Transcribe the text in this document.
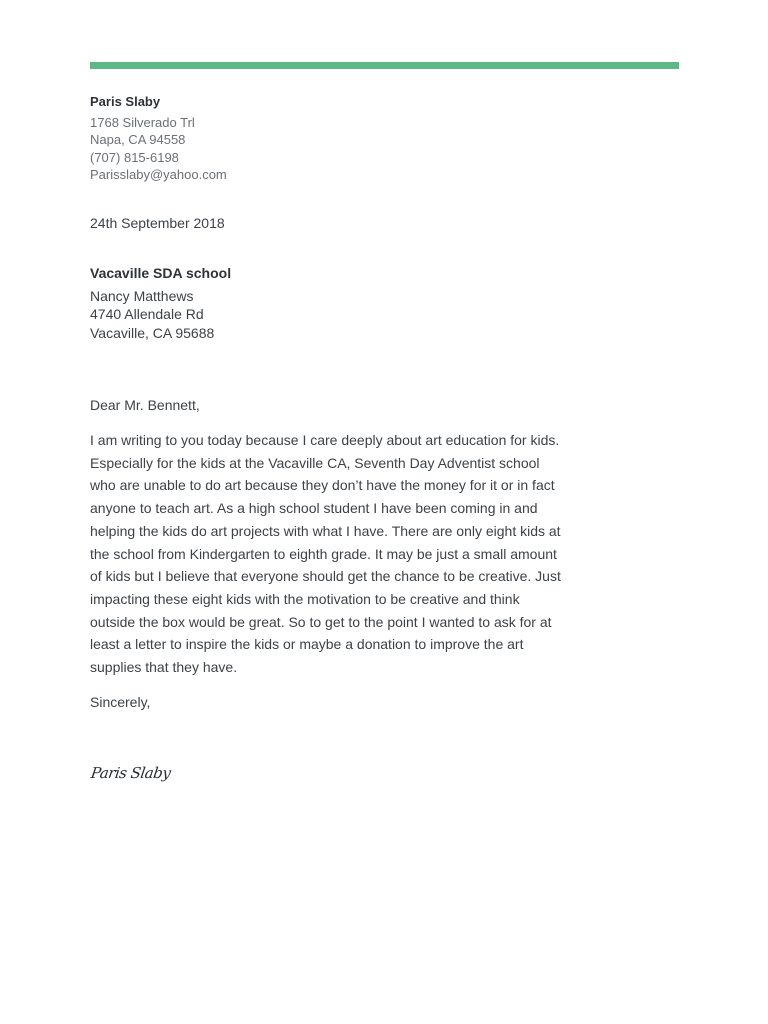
Paris Slaby
1768 Silverado Trl
Napa, CA 94558
(707) 815-6198
Parisslaby@yahoo.com
24th September 2018
Vacaville SDA school
Nancy Matthews
4740 Allendale Rd
Vacaville, CA 95688
Dear Mr. Bennett,

I am writing to you today because I care deeply about art education for kids. Especially for the kids at the Vacaville CA, Seventh Day Adventist school who are unable to do art because they don’t have the money for it or in fact anyone to teach art. As a high school student I have been coming in and helping the kids do art projects with what I have. There are only eight kids at the school from Kindergarten to eighth grade. It may be just a small amount of kids but I believe that everyone should get the chance to be creative. Just impacting these eight kids with the motivation to be creative and think outside the box would be great. So to get to the point I wanted to ask for at least a letter to inspire the kids or maybe a donation to improve the art supplies that they have.

Sincerely,
Paris Slaby
